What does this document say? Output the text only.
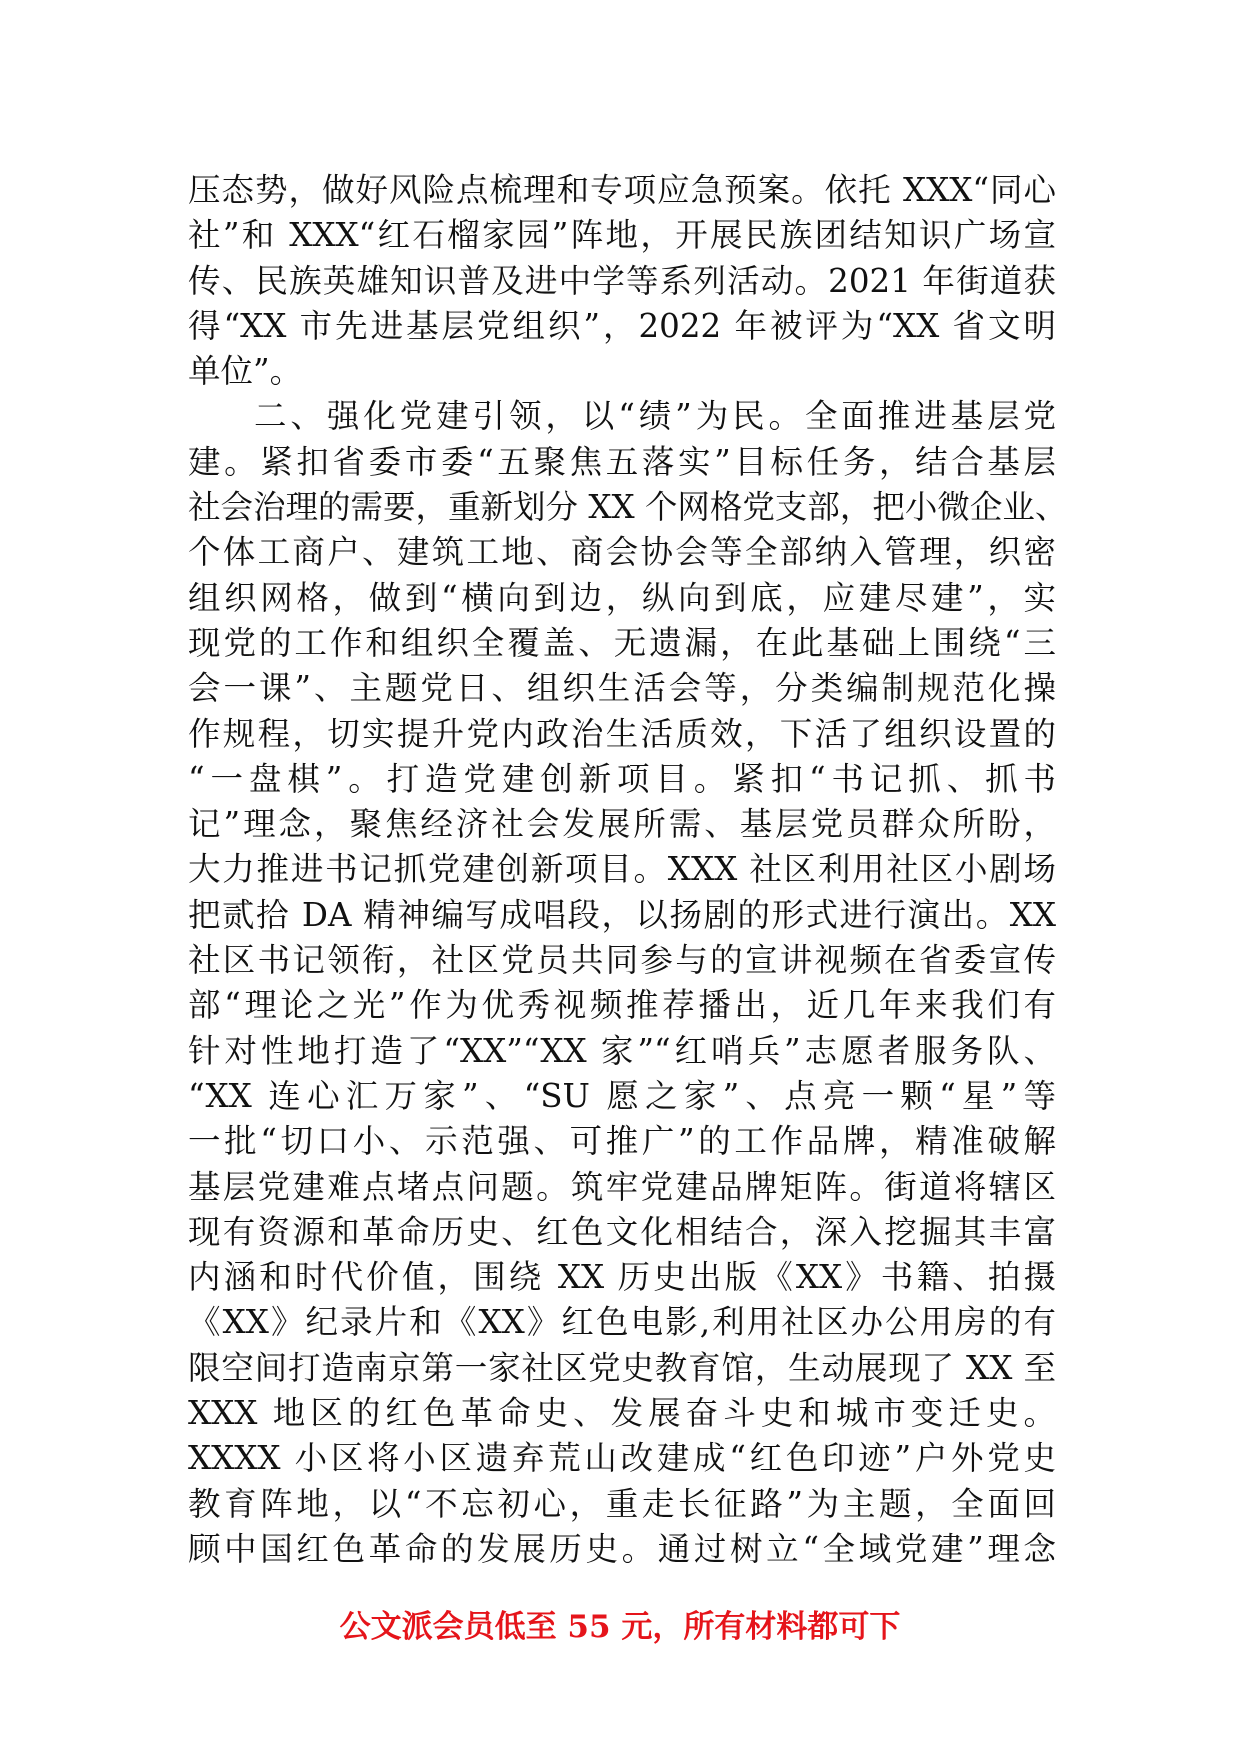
压态势，做好风险点梳理和专项应急预案。依托 XXX“同心
社”和 XXX“红石榴家园”阵地，开展民族团结知识广场宣
传、民族英雄知识普及进中学等系列活动。2021 年街道获
得“XX 市先进基层党组织”，2022 年被评为“XX 省文明
单位”。
二、强化党建引领，以“绩”为民。全面推进基层党
建。紧扣省委市委“五聚焦五落实”目标任务，结合基层
社会治理的需要，重新划分 XX 个网格党支部，把小微企业、
个体工商户、建筑工地、商会协会等全部纳入管理，织密
组织网格，做到“横向到边，纵向到底，应建尽建”，实
现党的工作和组织全覆盖、无遗漏，在此基础上围绕“三
会一课”、主题党日、组织生活会等，分类编制规范化操
作规程，切实提升党内政治生活质效，下活了组织设置的
“一盘棋”。打造党建创新项目。紧扣“书记抓、抓书
记”理念，聚焦经济社会发展所需、基层党员群众所盼，
大力推进书记抓党建创新项目。XXX 社区利用社区小剧场
把贰拾 DA 精神编写成唱段，以扬剧的形式进行演出。XX
社区书记领衔，社区党员共同参与的宣讲视频在省委宣传
部“理论之光”作为优秀视频推荐播出，近几年来我们有
针对性地打造了“XX”“XX 家”“红哨兵”志愿者服务队、
“XX 连心汇万家”、“SU 愿之家”、点亮一颗“星”等
一批“切口小、示范强、可推广”的工作品牌，精准破解
基层党建难点堵点问题。筑牢党建品牌矩阵。街道将辖区
现有资源和革命历史、红色文化相结合，深入挖掘其丰富
内涵和时代价值，围绕 XX 历史出版《XX》书籍、拍摄
《XX》纪录片和《XX》红色电影,利用社区办公用房的有
限空间打造南京第一家社区党史教育馆，生动展现了 XX 至
XXX 地区的红色革命史、发展奋斗史和城市变迁史。
XXXX 小区将小区遗弃荒山改建成“红色印迹”户外党史
教育阵地，以“不忘初心，重走长征路”为主题，全面回
顾中国红色革命的发展历史。通过树立“全域党建”理念
公文派会员低至 55 元，所有材料都可下
